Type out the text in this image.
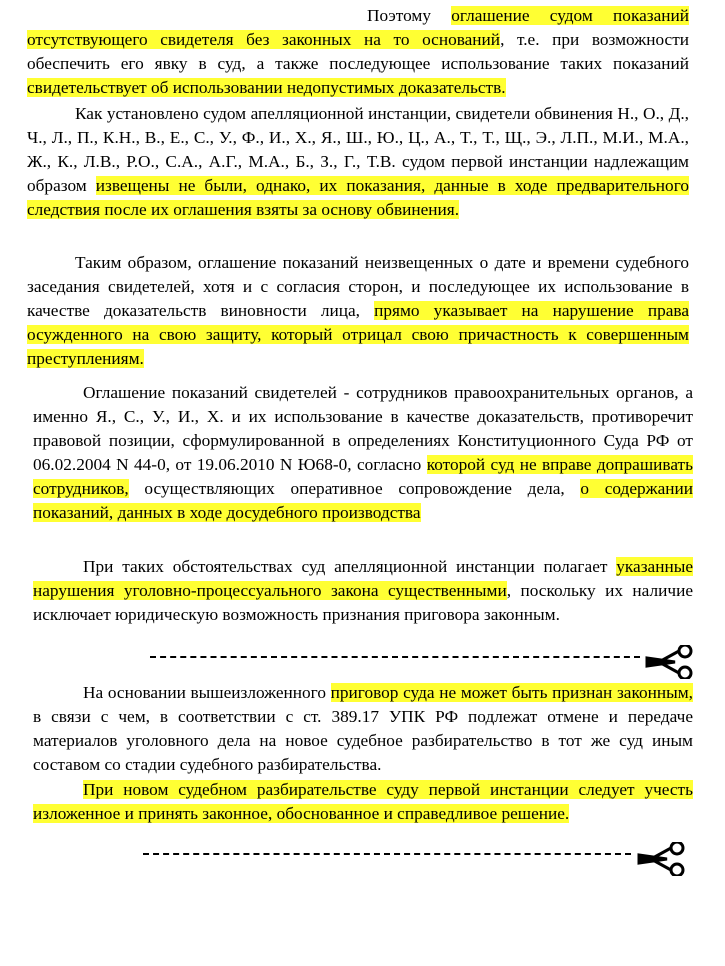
Поэтому оглашение судом показаний отсутствующего свидетеля без законных на то оснований, т.е. при возможности обеспечить его явку в суд, а также последующее использование таких показаний свидетельствует об использовании недопустимых доказательств.
Как установлено судом апелляционной инстанции, свидетели обвинения Н., О., Д., Ч., Л., П., К.Н., В., Е., С., У., Ф., И., Х., Я., Ш., Ю., Ц., А., Т., Т., Щ., Э., Л.П., М.И., М.А., Ж., К., Л.В., Р.О., С.А., А.Г., М.А., Б., З., Г., Т.В. судом первой инстанции надлежащим образом извещены не были, однако, их показания, данные в ходе предварительного следствия после их оглашения взяты за основу обвинения.
Таким образом, оглашение показаний неизвещенных о дате и времени судебного заседания свидетелей, хотя и с согласия сторон, и последующее их использование в качестве доказательств виновности лица, прямо указывает на нарушение права осужденного на свою защиту, который отрицал свою причастность к совершенным преступлениям.
Оглашение показаний свидетелей - сотрудников правоохранительных органов, а именно Я., С., У., И., Х. и их использование в качестве доказательств, противоречит правовой позиции, сформулированной в определениях Конституционного Суда РФ от 06.02.2004 N 44-0, от 19.06.2010 N Ю68-0, согласно которой суд не вправе допрашивать сотрудников, осуществляющих оперативное сопровождение дела, о содержании показаний, данных в ходе досудебного производства
При таких обстоятельствах суд апелляционной инстанции полагает указанные нарушения уголовно-процессуального закона существенными, поскольку их наличие исключает юридическую возможность признания приговора законным.
На основании вышеизложенного приговор суда не может быть признан законным, в связи с чем, в соответствии с ст. 389.17 УПК РФ подлежат отмене и передаче материалов уголовного дела на новое судебное разбирательство в тот же суд иным составом со стадии судебного разбирательства.
При новом судебном разбирательстве суду первой инстанции следует учесть изложенное и принять законное, обоснованное и справедливое решение.
